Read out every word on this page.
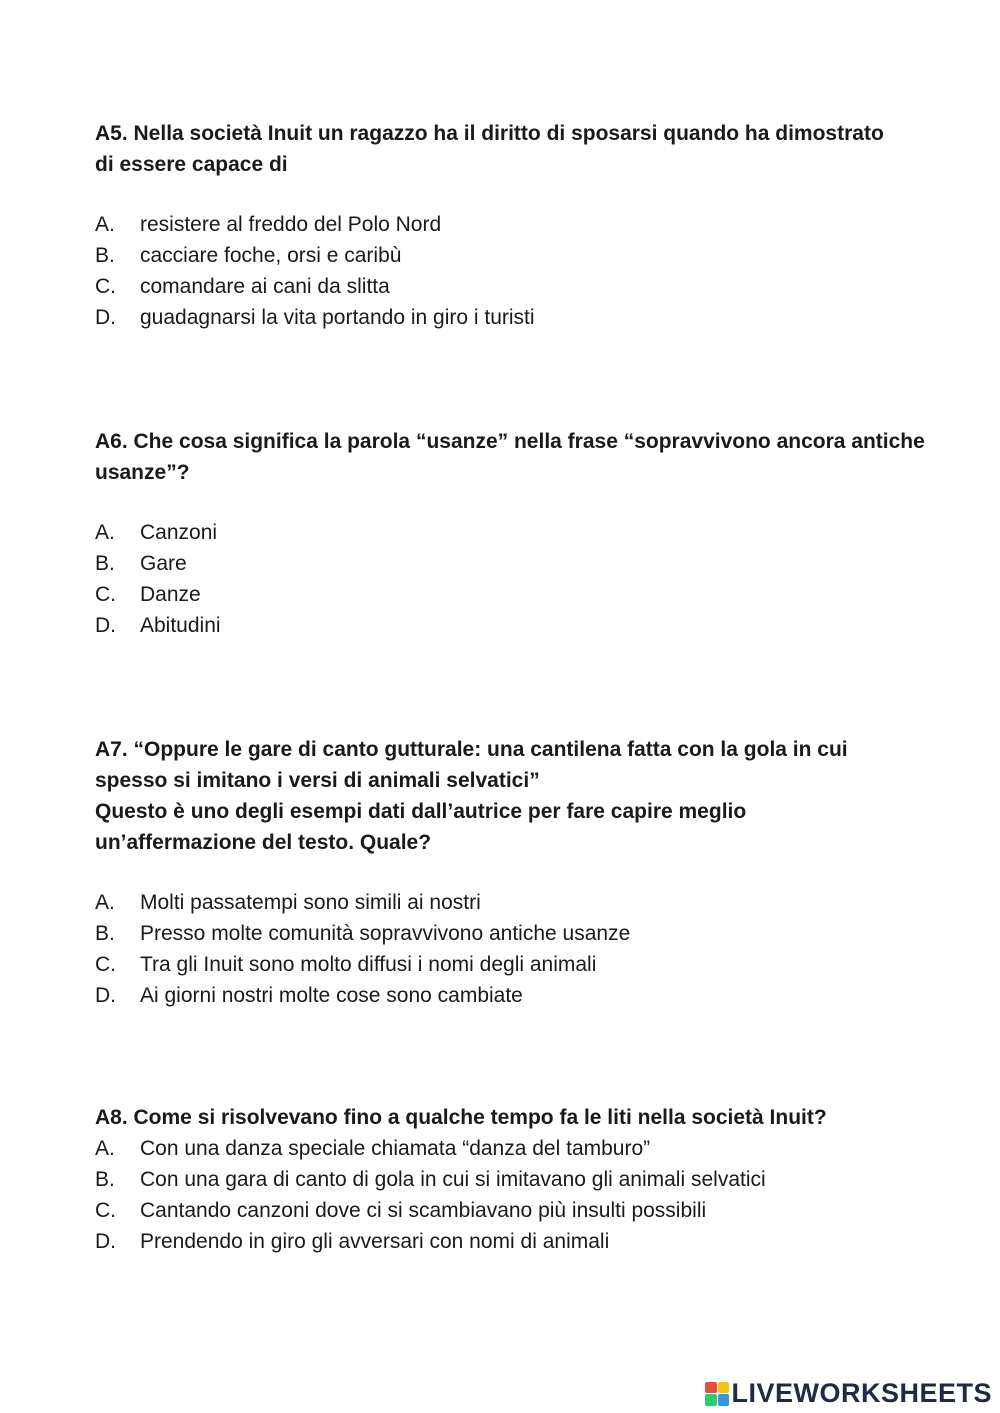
A5. Nella società Inuit un ragazzo ha il diritto di sposarsi quando ha dimostrato
di essere capace di

A.	resistere al freddo del Polo Nord
B.	cacciare foche, orsi e caribù
C.	comandare ai cani da slitta
D.	guadagnarsi la vita portando in giro i turisti

A6. Che cosa significa la parola “usanze” nella frase “sopravvivono ancora antiche
usanze”?

A.	Canzoni
B.	Gare
C.	Danze
D.	Abitudini

A7. “Oppure le gare di canto gutturale: una cantilena fatta con la gola in cui
spesso si imitano i versi di animali selvatici”
Questo è uno degli esempi dati dall’autrice per fare capire meglio
un’affermazione del testo. Quale?

A.	Molti passatempi sono simili ai nostri
B.	Presso molte comunità sopravvivono antiche usanze
C.	Tra gli Inuit sono molto diffusi i nomi degli animali
D.	Ai giorni nostri molte cose sono cambiate

A8. Come si risolvevano fino a qualche tempo fa le liti nella società Inuit?

A.	Con una danza speciale chiamata “danza del tamburo”
B.	Con una gara di canto di gola in cui si imitavano gli animali selvatici
C.	Cantando canzoni dove ci si scambiavano più insulti possibili
D.	Prendendo in giro gli avversari con nomi di animali
LIVEWORKSHEETS
